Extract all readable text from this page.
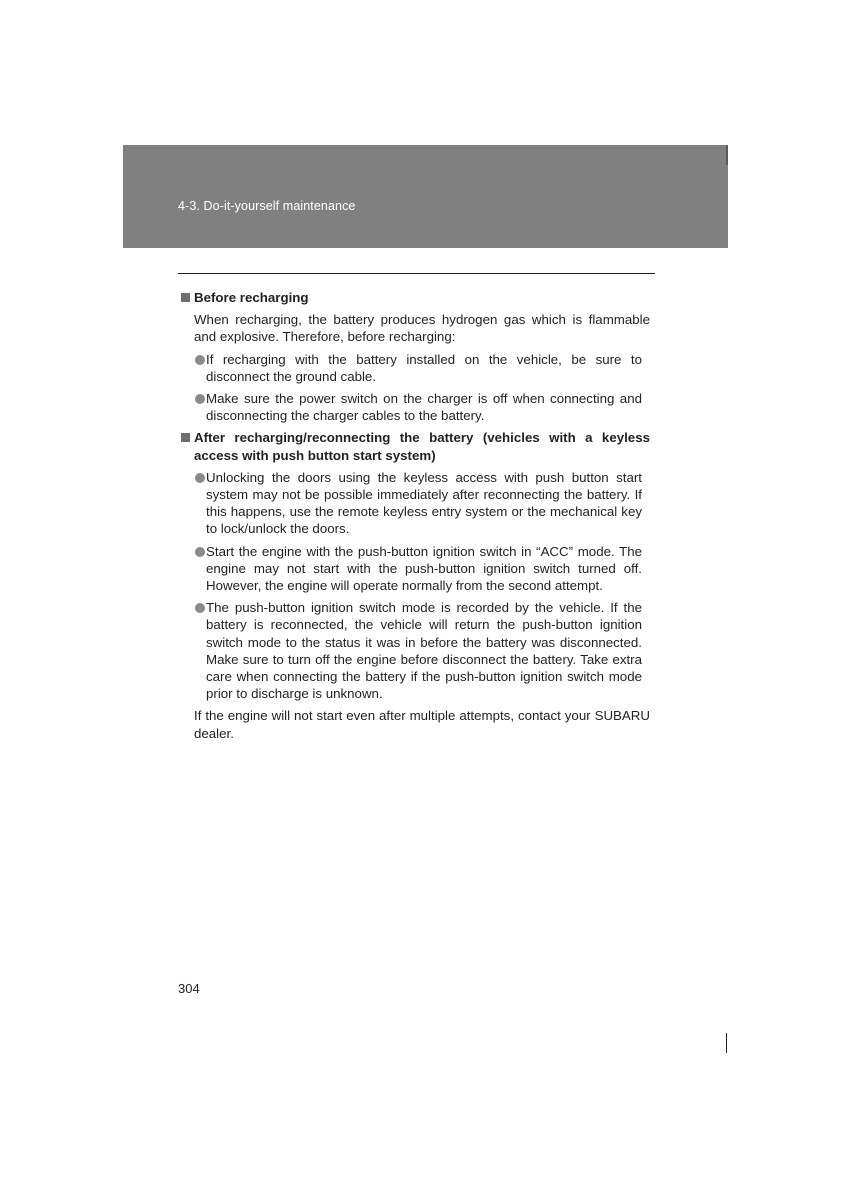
4-3. Do-it-yourself maintenance
Before recharging
When recharging, the battery produces hydrogen gas which is flammable and explosive. Therefore, before recharging:
If recharging with the battery installed on the vehicle, be sure to disconnect the ground cable.
Make sure the power switch on the charger is off when connecting and disconnecting the charger cables to the battery.
After recharging/reconnecting the battery (vehicles with a keyless access with push button start system)
Unlocking the doors using the keyless access with push button start system may not be possible immediately after reconnecting the battery. If this happens, use the remote keyless entry system or the mechanical key to lock/unlock the doors.
Start the engine with the push-button ignition switch in “ACC” mode. The engine may not start with the push-button ignition switch turned off. However, the engine will operate normally from the second attempt.
The push-button ignition switch mode is recorded by the vehicle. If the battery is reconnected, the vehicle will return the push-button ignition switch mode to the status it was in before the battery was disconnected. Make sure to turn off the engine before disconnect the battery. Take extra care when connecting the battery if the push-button ignition switch mode prior to discharge is unknown.
If the engine will not start even after multiple attempts, contact your SUBARU dealer.
304
